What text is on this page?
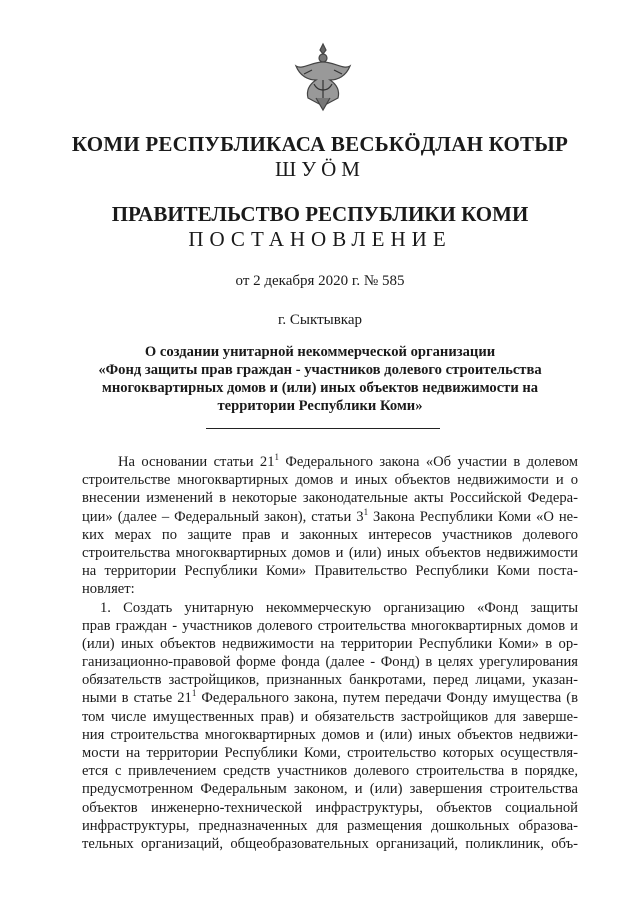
КОМИ РЕСПУБЛИКАСА ВЕСЬКӦДЛАН КОТЫР
ШУӦМ
ПРАВИТЕЛЬСТВО РЕСПУБЛИКИ КОМИ
ПОСТАНОВЛЕНИЕ
от 2 декабря 2020 г. № 585
г. Сыктывкар
О создании унитарной некоммерческой организации
«Фонд защиты прав граждан - участников долевого строительства
многоквартирных домов и (или) иных объектов недвижимости на
территории Республики Коми»
На основании статьи $21^1$ Федерального закона «Об участии в долевом
строительстве многоквартирных домов и иных объектов недвижимости и о
внесении изменений в некоторые законодательные акты Российской Федера-
ции» (далее – Федеральный закон), статьи $3^1$ Закона Республики Коми «О не-
ких мерах по защите прав и законных интересов участников долевого
строительства многоквартирных домов и (или) иных объектов недвижимости
на территории Республики Коми» Правительство Республики Коми поста-
новляет:
1. Создать унитарную некоммерческую организацию «Фонд защиты
прав граждан - участников долевого строительства многоквартирных домов и
(или) иных объектов недвижимости на территории Республики Коми» в ор-
ганизационно-правовой форме фонда (далее - Фонд) в целях урегулирования
обязательств застройщиков, признанных банкротами, перед лицами, указан-
ными в статье $21^1$ Федерального закона, путем передачи Фонду имущества (в
том числе имущественных прав) и обязательств застройщиков для заверше-
ния строительства многоквартирных домов и (или) иных объектов недвижи-
мости на территории Республики Коми, строительство которых осуществля-
ется с привлечением средств участников долевого строительства в порядке,
предусмотренном Федеральным законом, и (или) завершения строительства
объектов инженерно-технической инфраструктуры, объектов социальной
инфраструктуры, предназначенных для размещения дошкольных образова-
тельных организаций, общеобразовательных организаций, поликлиник, объ-
